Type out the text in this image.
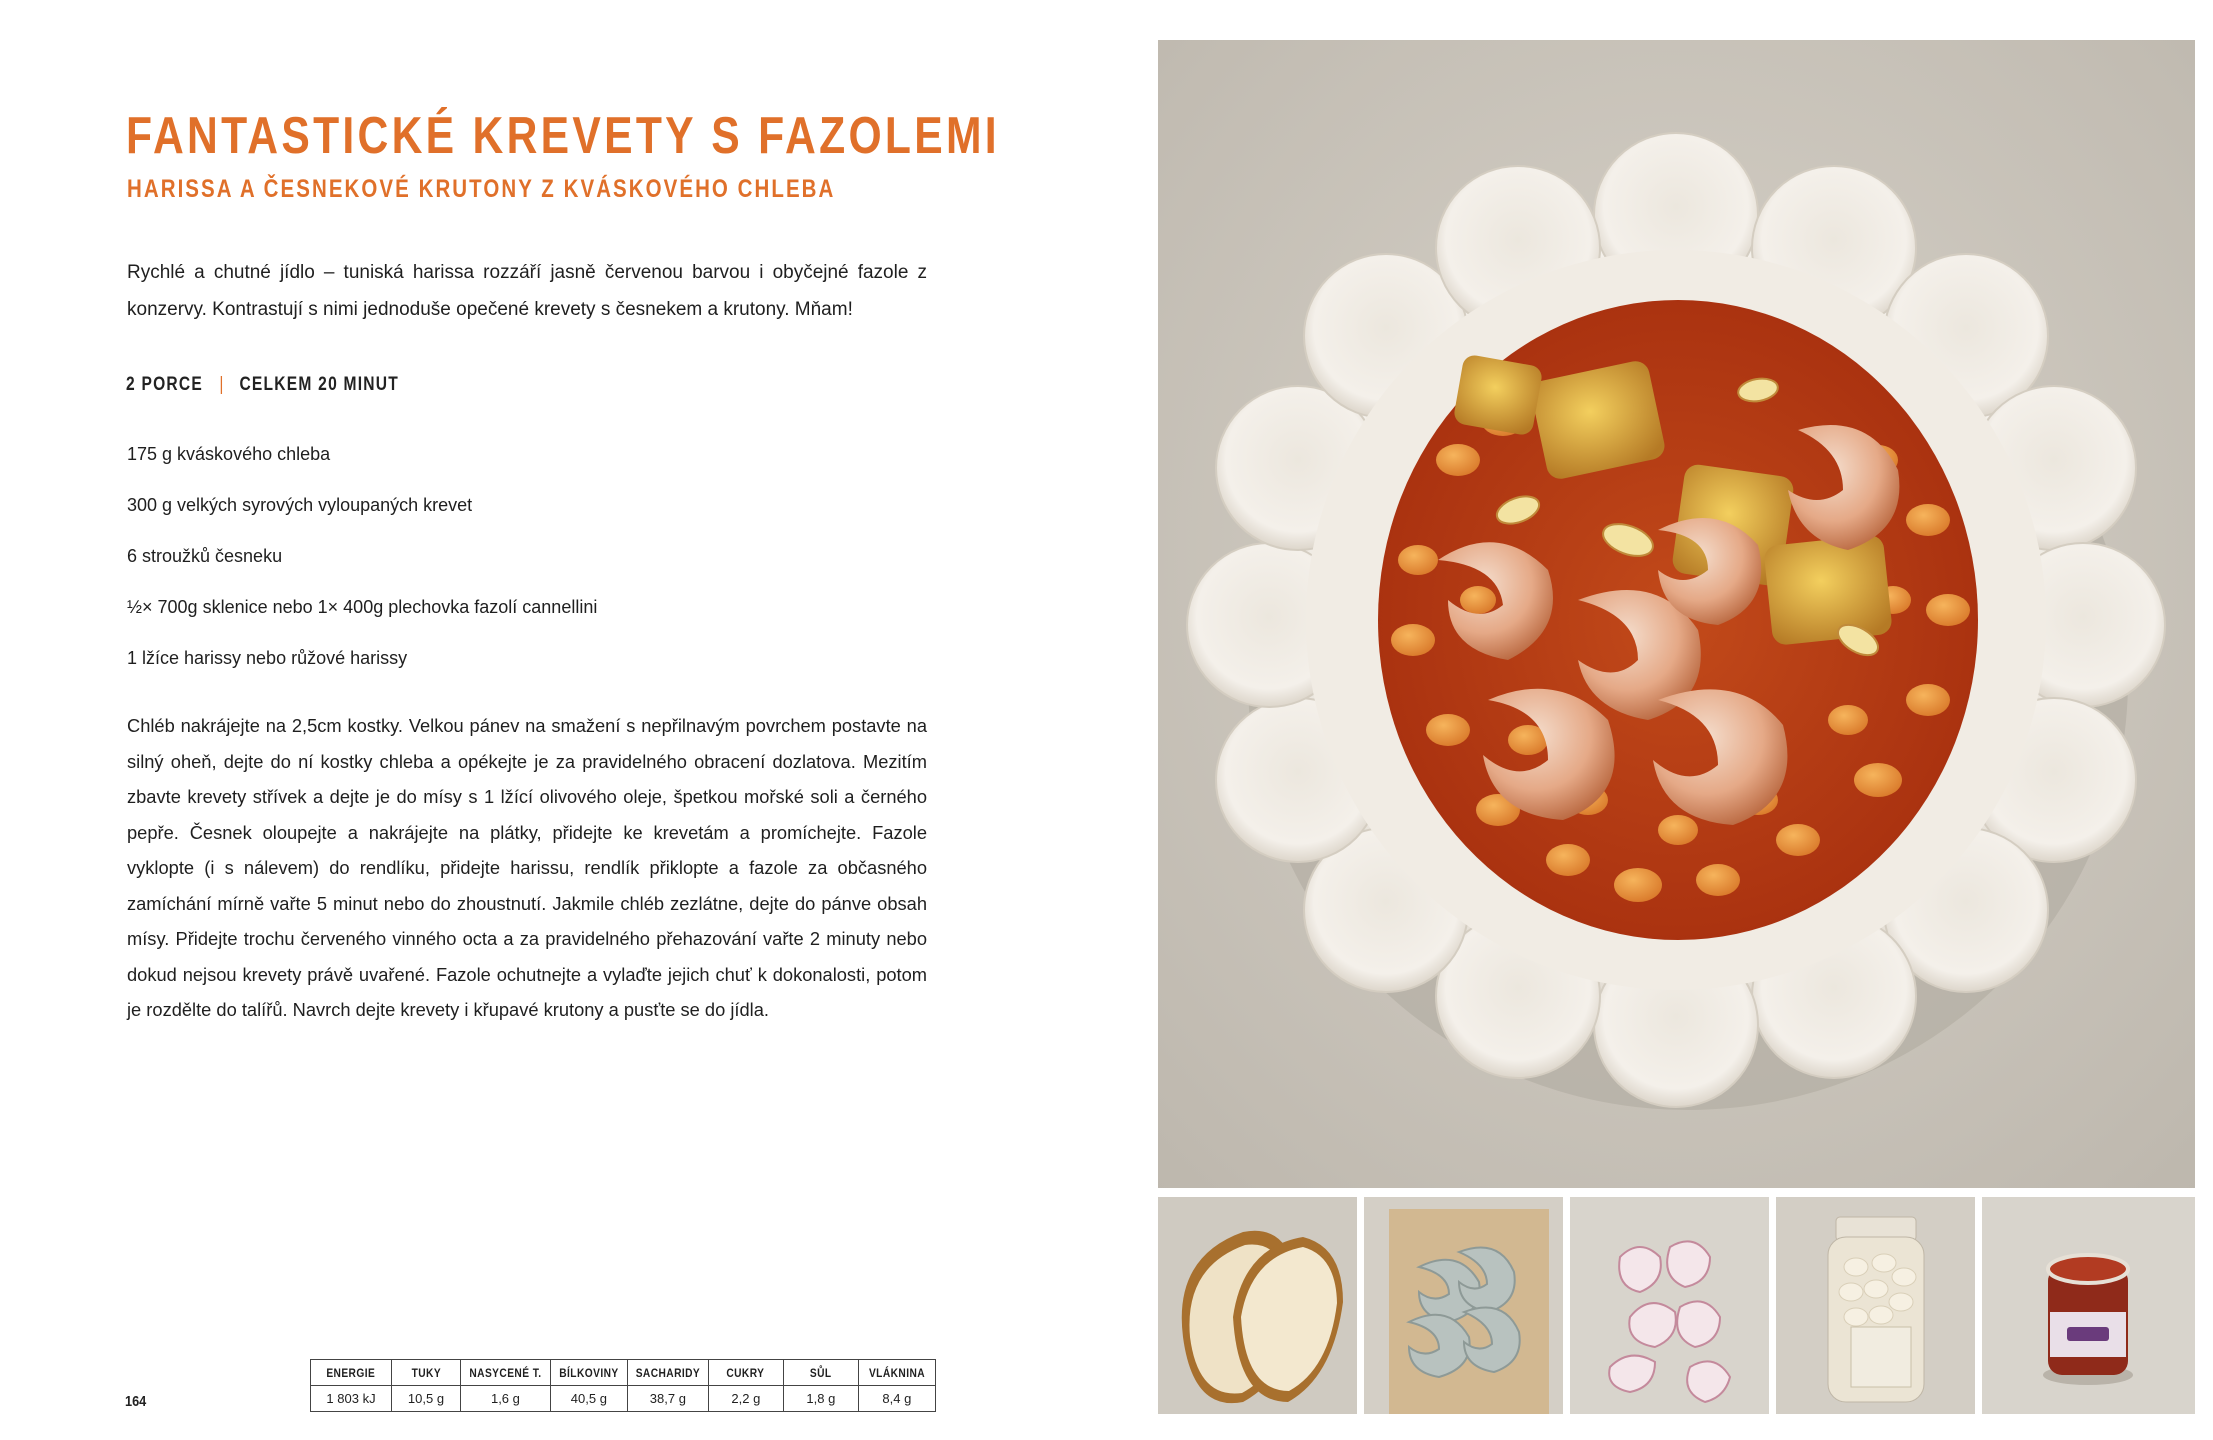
FANTASTICKÉ KREVETY S FAZOLEMI
HARISSA A ČESNEKOVÉ KRUTONY Z KVÁSKOVÉHO CHLEBA

Rychlé a chutné jídlo – tuniská harissa rozzáří jasně červenou barvou i obyčejné fazole z konzervy. Kontrastují s nimi jednoduše opečené krevety s česnekem a krutony. Mňam!

2 PORCE | CELKEM 20 MINUT
175 g kváskového chleba
300 g velkých syrových vyloupaných krevet
6 stroužků česneku
½× 700g sklenice nebo 1× 400g plechovka fazolí cannellini
1 lžíce harissy nebo růžové harissy

Chléb nakrájejte na 2,5cm kostky. Velkou pánev na smažení s nepřilnavým povrchem postavte na silný oheň, dejte do ní kostky chleba a opékejte je za pravidelného obracení dozlatova. Mezitím zbavte krevety střívek a dejte je do mísy s 1 lžící olivového oleje, špetkou mořské soli a černého pepře. Česnek oloupejte a nakrájejte na plátky, přidejte ke krevetám a promíchejte. Fazole vyklopte (i s nálevem) do rendlíku, přidejte harissu, rendlík přiklopte a fazole za občasného zamíchání mírně vařte 5 minut nebo do zhoustnutí. Jakmile chléb zezlátne, dejte do pánve obsah mísy. Přidejte trochu červeného vinného octa a za pravidelného přehazování vařte 2 minuty nebo dokud nejsou krevety právě uvařené. Fazole ochutnejte a vylaďte jejich chuť k dokonalosti, potom je rozdělte do talířů. Navrch dejte krevety i křupavé krutony a pusťte se do jídla.

164
ENERGIE	TUKY	NASYCENÉ T.	BÍLKOVINY	SACHARIDY	CUKRY	SŮL	VLÁKNINA
1 803 kJ	10,5 g	1,6 g	40,5 g	38,7 g	2,2 g	1,8 g	8,4 g
